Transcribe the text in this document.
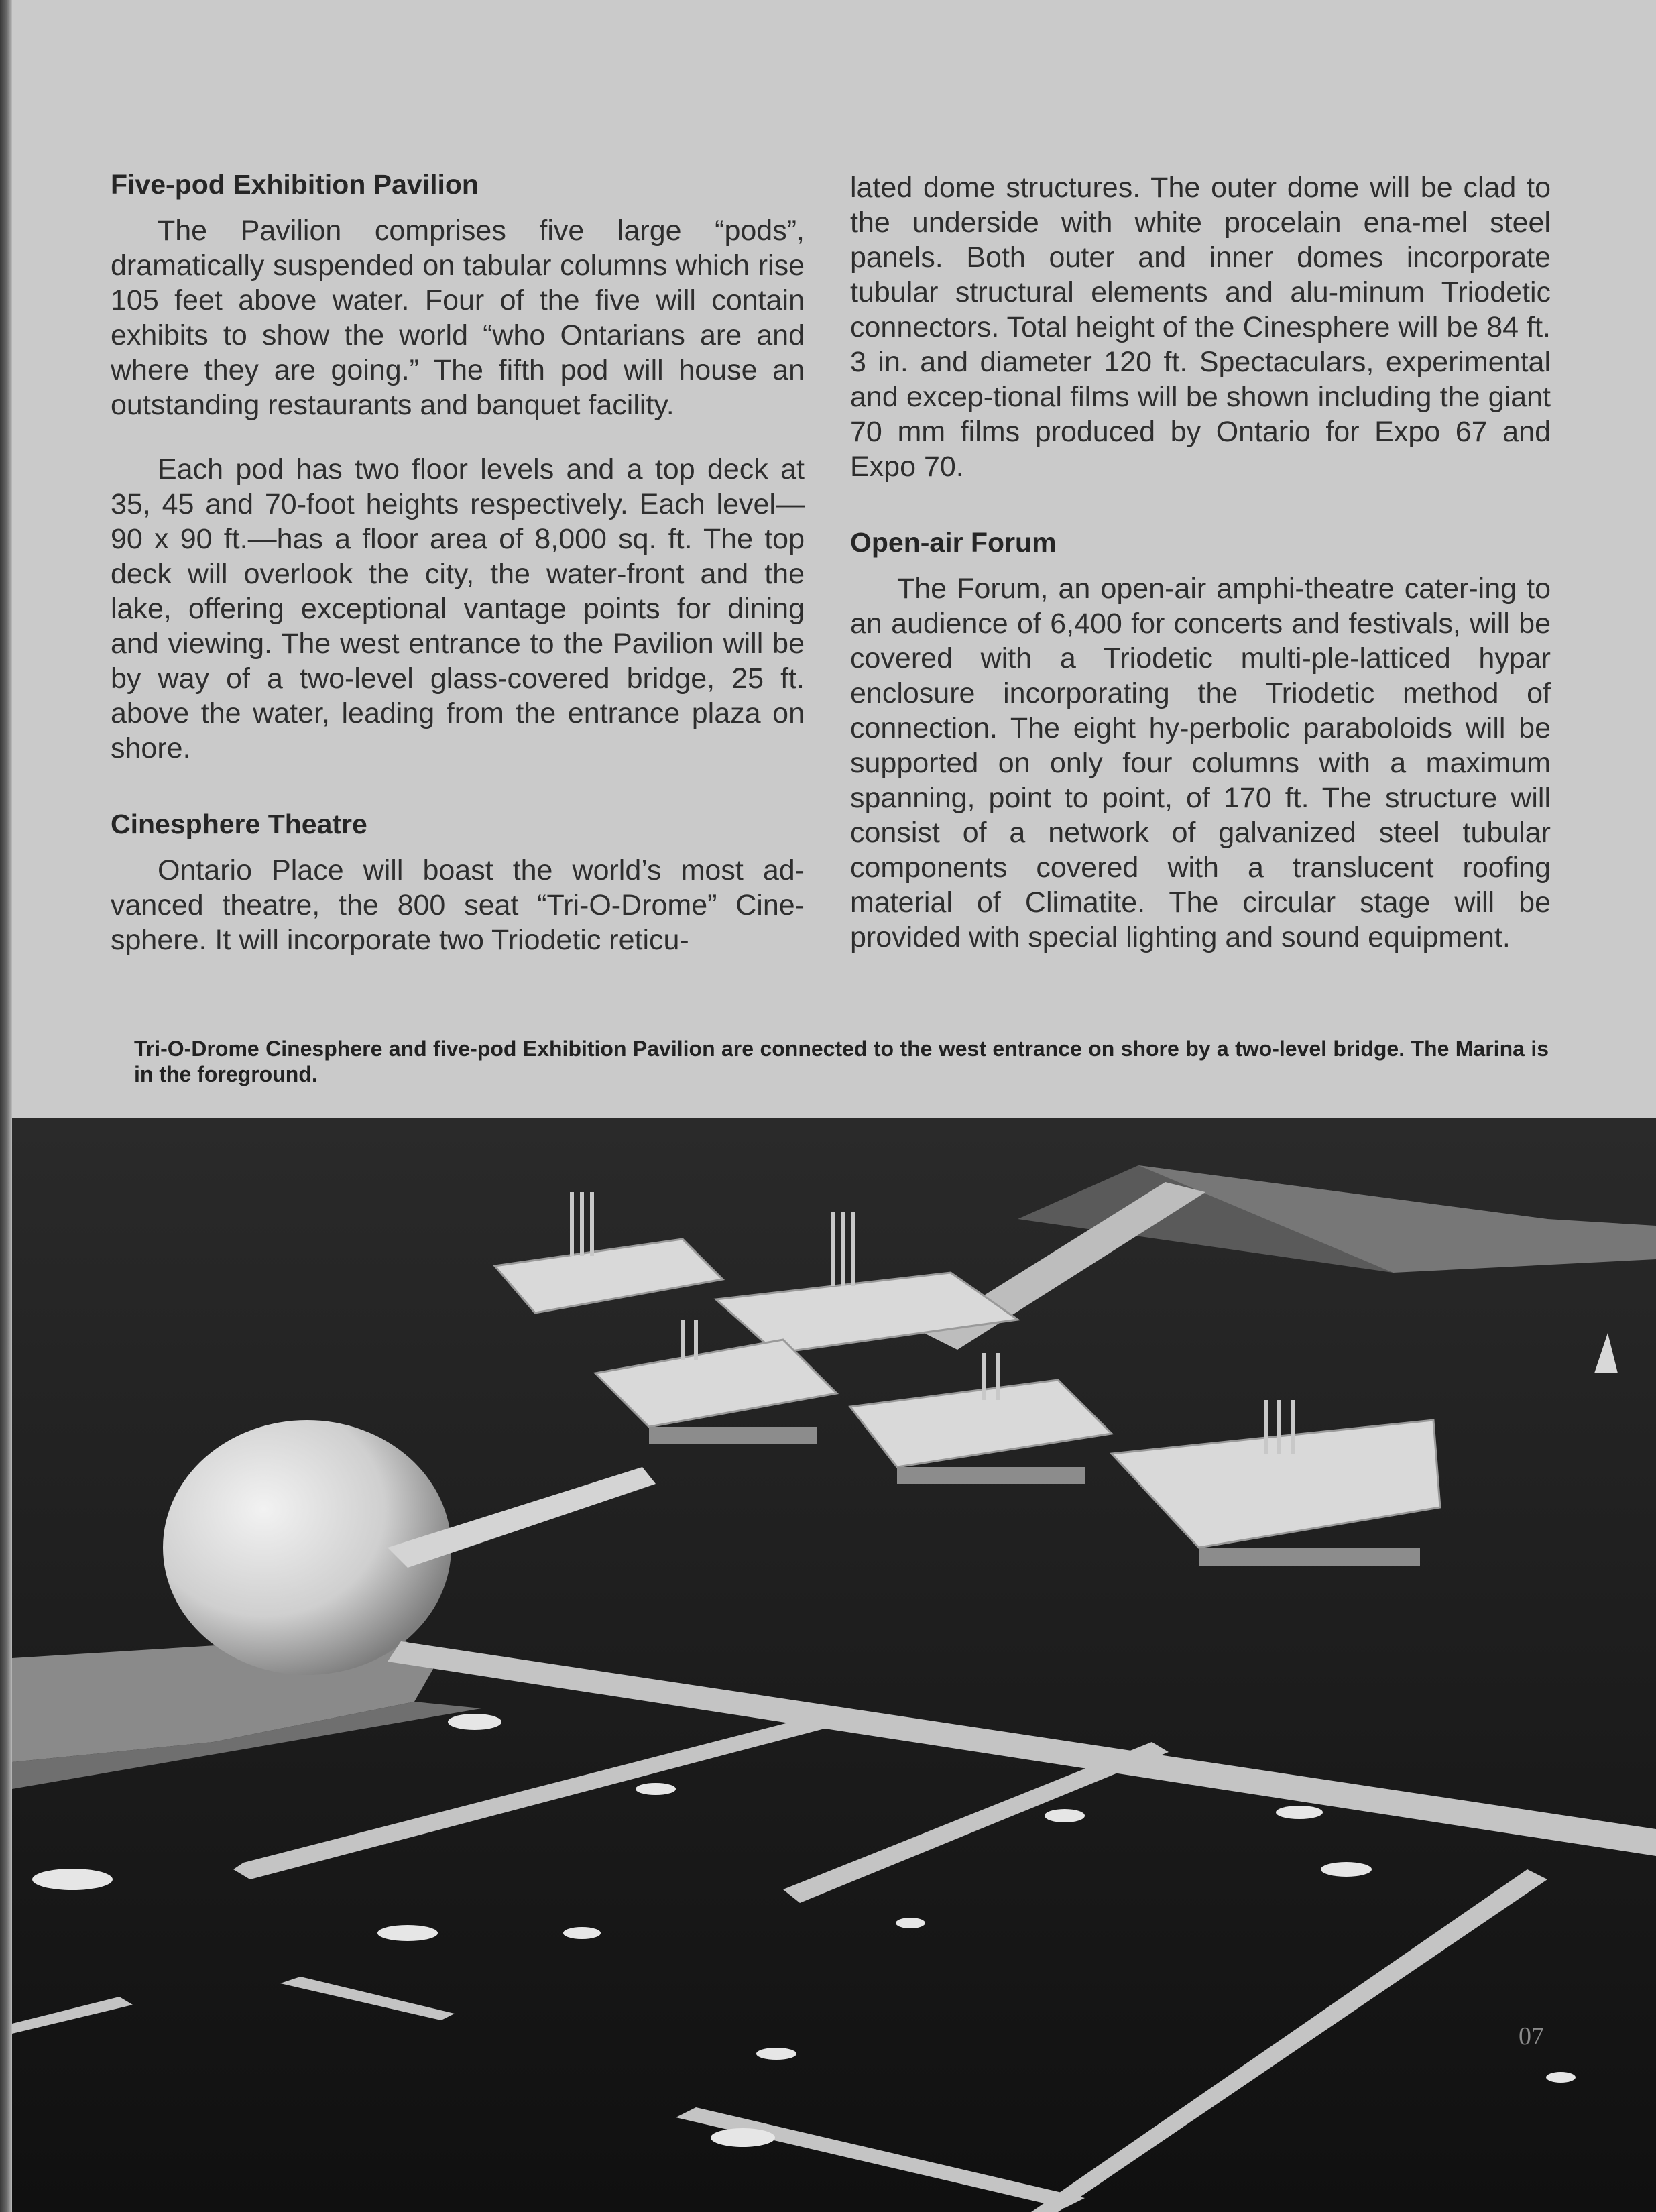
Five-pod Exhibition Pavilion

The Pavilion comprises five large “pods”, dramatically suspended on tabular columns which rise 105 feet above water. Four of the five will contain exhibits to show the world “who Ontarians are and where they are going.” The fifth pod will house an outstanding restaurants and banquet facility.

Each pod has two floor levels and a top deck at 35, 45 and 70-foot heights respectively. Each level—90 x 90 ft.—has a floor area of 8,000 sq. ft. The top deck will overlook the city, the water-front and the lake, offering exceptional vantage points for dining and viewing. The west entrance to the Pavilion will be by way of a two-level glass-covered bridge, 25 ft. above the water, leading from the entrance plaza on shore.

Cinesphere Theatre

Ontario Place will boast the world’s most ad-vanced theatre, the 800 seat “Tri-O-Drome” Cine-sphere. It will incorporate two Triodetic reticu-

lated dome structures. The outer dome will be clad to the underside with white procelain ena-mel steel panels. Both outer and inner domes incorporate tubular structural elements and alu-minum Triodetic connectors. Total height of the Cinesphere will be 84 ft. 3 in. and diameter 120 ft. Spectaculars, experimental and excep-tional films will be shown including the giant 70 mm films produced by Ontario for Expo 67 and Expo 70.

Open-air Forum

The Forum, an open-air amphi-theatre cater-ing to an audience of 6,400 for concerts and festivals, will be covered with a Triodetic multi-ple-latticed hypar enclosure incorporating the Triodetic method of connection. The eight hy-perbolic paraboloids will be supported on only four columns with a maximum spanning, point to point, of 170 ft. The structure will consist of a network of galvanized steel tubular components covered with a translucent roofing material of Climatite. The circular stage will be provided with special lighting and sound equipment.

Tri-O-Drome Cinesphere and five-pod Exhibition Pavilion are connected to the west entrance on shore by a two-level bridge. The Marina is in the foreground.
07
